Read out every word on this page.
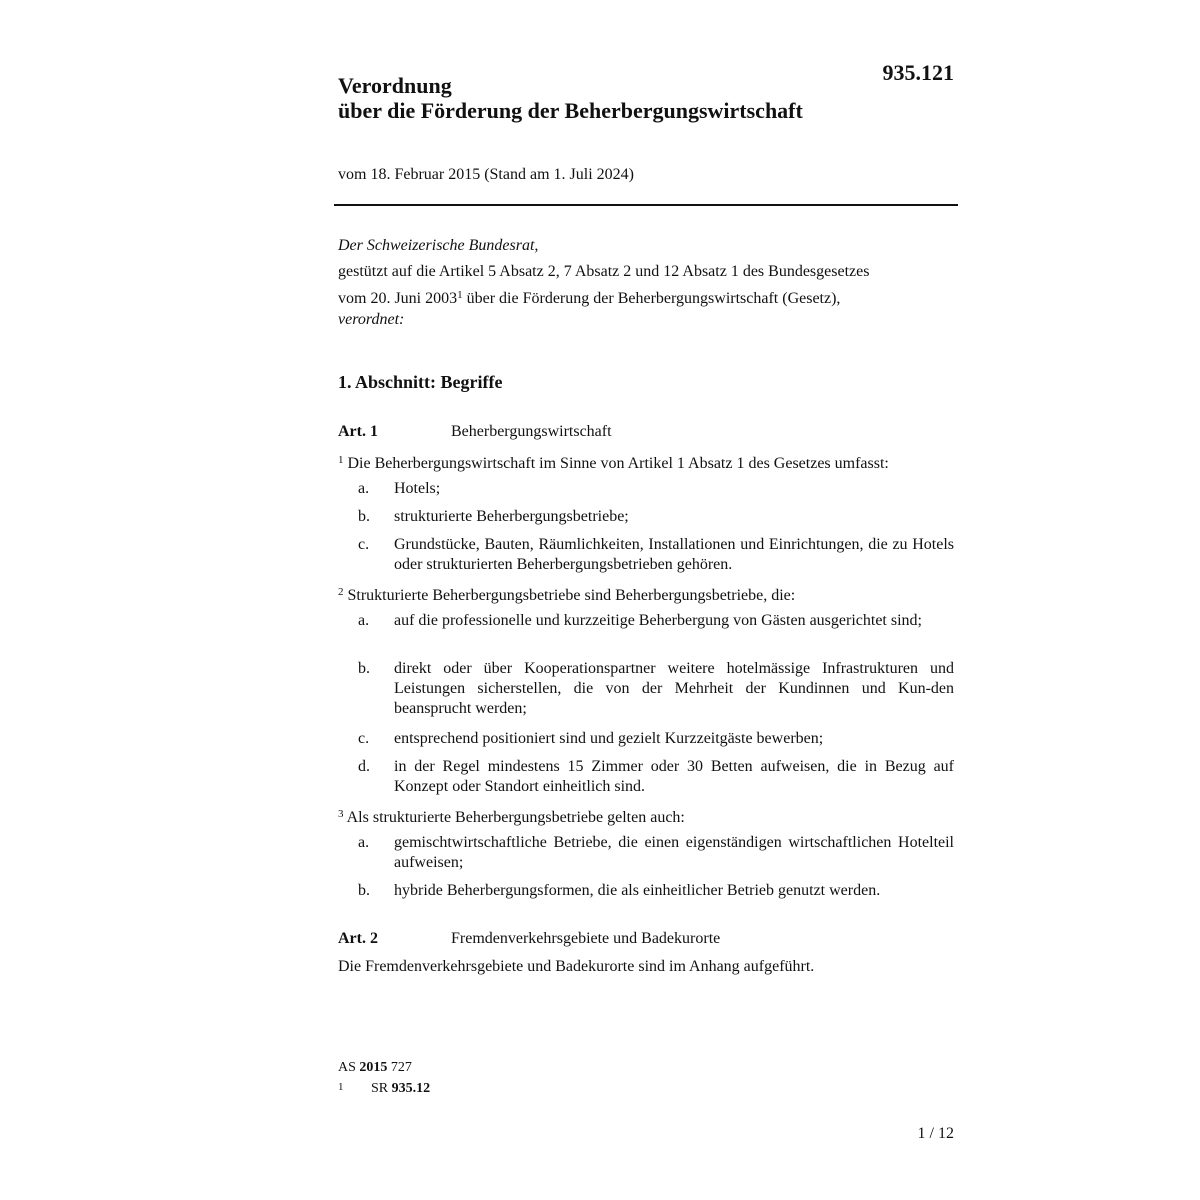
935.121
Verordnung
über die Förderung der Beherbergungswirtschaft
vom 18. Februar 2015 (Stand am 1. Juli 2024)
Der Schweizerische Bundesrat,
gestützt auf die Artikel 5 Absatz 2, 7 Absatz 2 und 12 Absatz 1 des Bundesgesetzes
vom 20. Juni 2003$^1$ über die Förderung der Beherbergungswirtschaft (Gesetz),
verordnet:
1. Abschnitt: Begriffe
Art. 1	Beherbergungswirtschaft
$^1$ Die Beherbergungswirtschaft im Sinne von Artikel 1 Absatz 1 des Gesetzes umfasst:
a.	Hotels;
b.	strukturierte Beherbergungsbetriebe;
c.	Grundstücke, Bauten, Räumlichkeiten, Installationen und Einrichtungen, die zu Hotels oder strukturierten Beherbergungsbetrieben gehören.
$^2$ Strukturierte Beherbergungsbetriebe sind Beherbergungsbetriebe, die:
a.	auf die professionelle und kurzzeitige Beherbergung von Gästen ausgerichtet sind;
b.	direkt oder über Kooperationspartner weitere hotelmässige Infrastrukturen und Leistungen sicherstellen, die von der Mehrheit der Kundinnen und Kun-den beansprucht werden;
c.	entsprechend positioniert sind und gezielt Kurzzeitgäste bewerben;
d.	in der Regel mindestens 15 Zimmer oder 30 Betten aufweisen, die in Bezug auf Konzept oder Standort einheitlich sind.
$^3$ Als strukturierte Beherbergungsbetriebe gelten auch:
a.	gemischtwirtschaftliche Betriebe, die einen eigenständigen wirtschaftlichen Hotelteil aufweisen;
b.	hybride Beherbergungsformen, die als einheitlicher Betrieb genutzt werden.
Art. 2	Fremdenverkehrsgebiete und Badekurorte
Die Fremdenverkehrsgebiete und Badekurorte sind im Anhang aufgeführt.
AS 2015 727
1 SR 935.12
1 / 12
